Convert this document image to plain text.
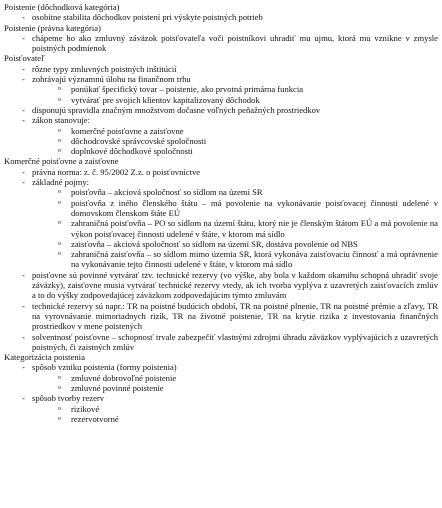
Poistenie (dôchodková kategória)
- osobitne stabilita dôchodkov poistení pri výskyte poistných potrieb
Poistenie (právna kategória)
- chápeme ho ako zmluvný záväzok poisťovateľa voči poistníkovi uhradiť mu ujmu, ktorá mu vznikne v zmysle poistných podmienok
Poisťovateľ
- rôzne typy zmluvných poistných inštitúcií
- zohrávajú významnú úlohu na finančnom trhu
o ponúkať špecifický tovar – poistenie, ako prvotná primárna funkcia
o vytvárať pre svojich klientov kapitalizovaný dôchodok
- disponujú spravidla značným množstvom dočasne voľných peňažných prostriedkov
- zákon stanovuje:
o komerčné poisťovne a zaisťovne
o dôchodcovské správcovské spoločnosti
o doplnkové dôchodkové spoločnosti
Komerčné poisťovne a zaisťovne
- právna norma: z. č. 95/2002 Z.z. o poisťovníctve
- základné pojmy:
o poisťovňa – akciová spoločnosť so sídlom na území SR
o poisťovňa z iného členského štátu – má povolenie na vykonávanie poisťovacej činnosti udelené v domovskom členskom štáte EÚ
o zahraničná poisťovňa – PO so sídlom na území štátu, ktorý nie je členským štátom EÚ a má povolenie na výkon poisťovacej činnosti udelené v štáte, v ktorom má sídlo
o zaisťovňa – akciová spoločnosť so sídlom na území SR, dostáva povolenie od NBS
o zahraničná zaisťovňa – so sídlom mimo územia SR, ktorá vykonáva zaisťovaciu činnosť a má oprávnenie na vykonávanie tejto činnosti udelené v štáte, v ktorom má sídlo
- poisťovne sú povinné vytvárať tzv. technické rezervy (vo výške, aby bola v každom okamihu schopná uhradiť svoje záväzky), zaisťovne musia vytvárať technické rezervy vtedy, ak ich tvorba vyplýva z uzavretých zaisťovacích zmlúv a to do výšky zodpovedajúcej záväzkom zodpovedajúcim týmto zmluvám
- technické rezervy sú napr.: TR na poistné budúcich období, TR na poistné plnenie, TR na poistné prémie a zľavy, TR na vyrovnávanie mimoriadnych rizík, TR na životné poistenie, TR na krytie rizika z investovania finančných prostriedkov v mene poistených
- solventnosť poisťovne – schopnosť trvale zabezpečiť vlastnými zdrojmi úhradu záväzkov vyplývajúcich z uzavretých poistných, či zaistných zmlúv
Kategorizácia poistenia
- spôsob vzniku poistenia (formy poistenia)
o zmluvné dobrovoľné poistenie
o zmluvné povinné poistenie
- spôsob tvorby rezerv
o rizikové
o rezervotvorné
